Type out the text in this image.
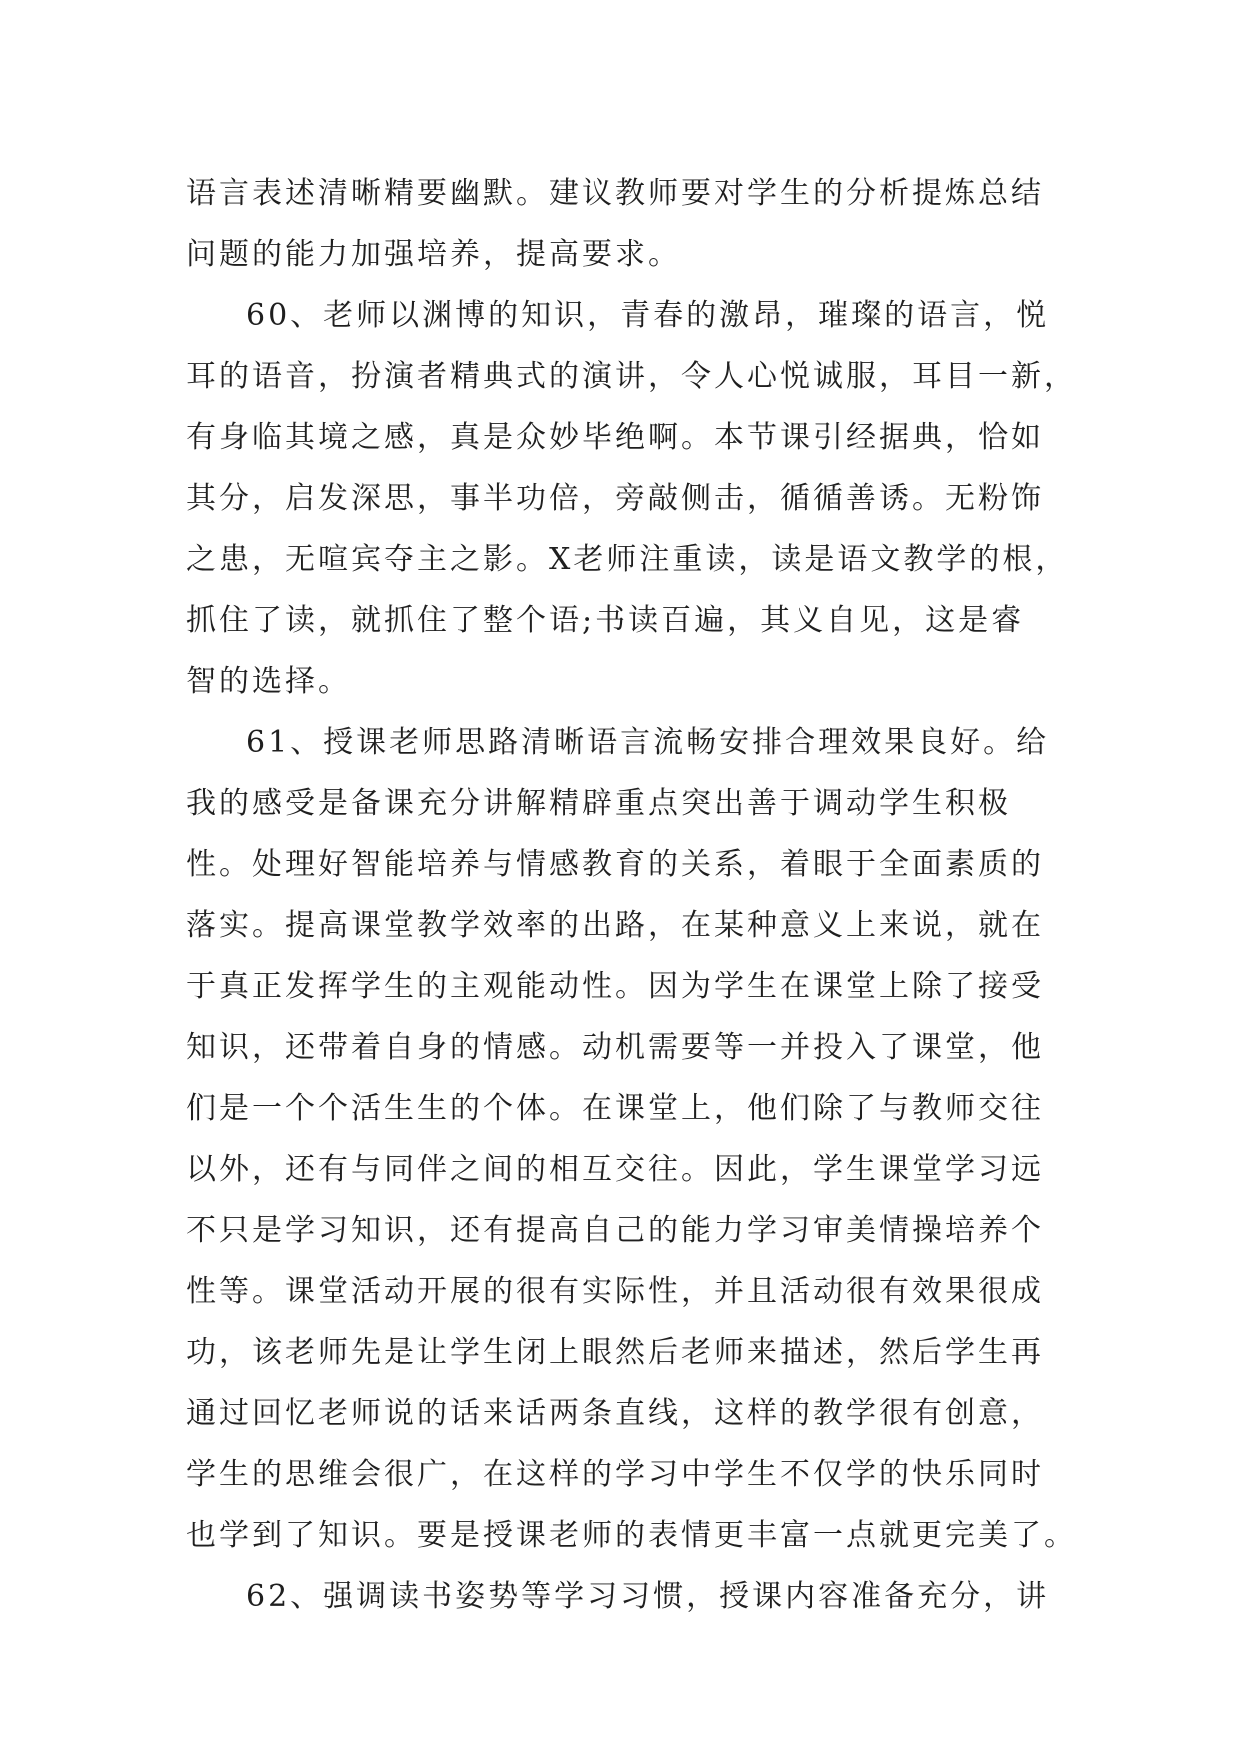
语言表述清晰精要幽默。建议教师要对学生的分析提炼总结
问题的能力加强培养，提高要求。
60、老师以渊博的知识，青春的激昂，璀璨的语言，悦
耳的语音，扮演者精典式的演讲，令人心悦诚服，耳目一新，
有身临其境之感，真是众妙毕绝啊。本节课引经据典，恰如
其分，启发深思，事半功倍，旁敲侧击，循循善诱。无粉饰
之患，无喧宾夺主之影。X老师注重读，读是语文教学的根，
抓住了读，就抓住了整个语;书读百遍，其义自见，这是睿
智的选择。
61、授课老师思路清晰语言流畅安排合理效果良好。给
我的感受是备课充分讲解精辟重点突出善于调动学生积极
性。处理好智能培养与情感教育的关系，着眼于全面素质的
落实。提高课堂教学效率的出路，在某种意义上来说，就在
于真正发挥学生的主观能动性。因为学生在课堂上除了接受
知识，还带着自身的情感。动机需要等一并投入了课堂，他
们是一个个活生生的个体。在课堂上，他们除了与教师交往
以外，还有与同伴之间的相互交往。因此，学生课堂学习远
不只是学习知识，还有提高自己的能力学习审美情操培养个
性等。课堂活动开展的很有实际性，并且活动很有效果很成
功，该老师先是让学生闭上眼然后老师来描述，然后学生再
通过回忆老师说的话来话两条直线，这样的教学很有创意，
学生的思维会很广，在这样的学习中学生不仅学的快乐同时
也学到了知识。要是授课老师的表情更丰富一点就更完美了。
62、强调读书姿势等学习习惯，授课内容准备充分，讲
